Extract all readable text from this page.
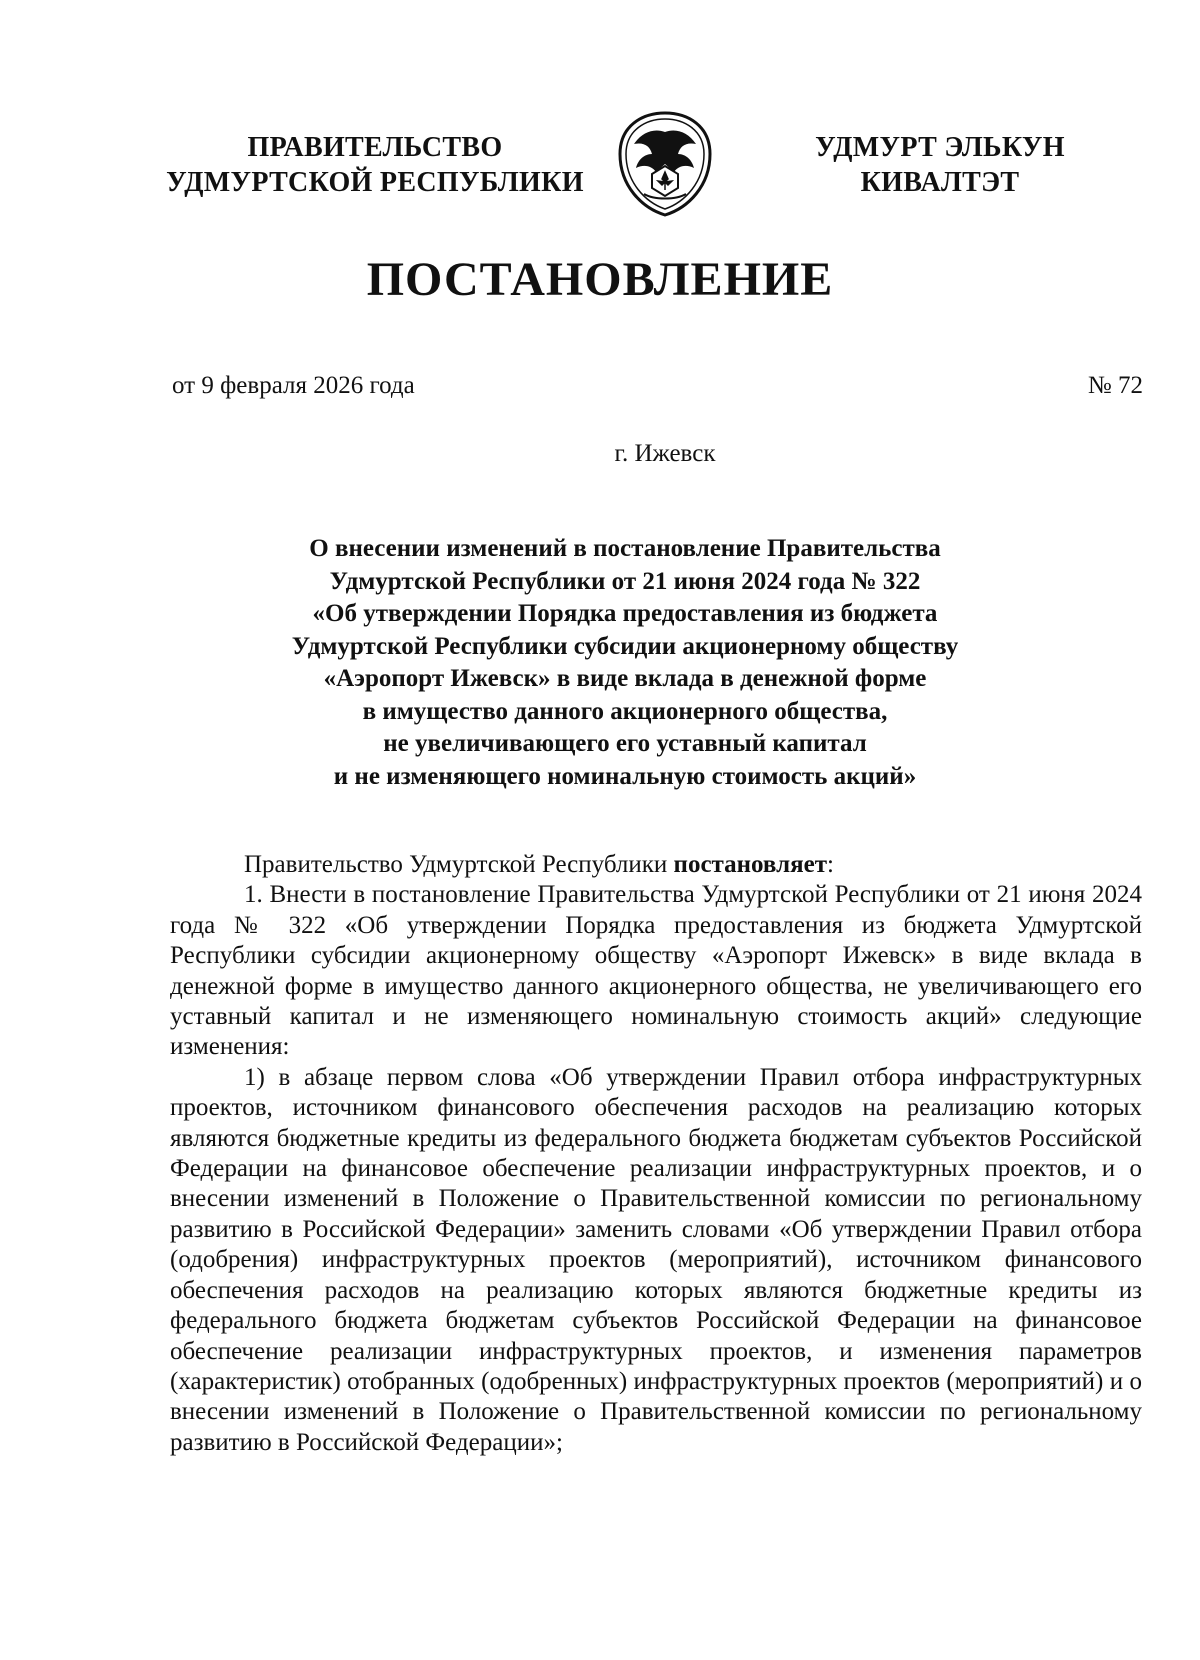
ПРАВИТЕЛЬСТВО
УДМУРТСКОЙ РЕСПУБЛИКИ
УДМУРТ ЭЛЬКУН
КИВАЛТЭТ
ПОСТАНОВЛЕНИЕ
от 9 февраля 2026 года	№ 72
г. Ижевск
О внесении изменений в постановление Правительства
Удмуртской Республики от 21 июня 2024 года № 322
«Об утверждении Порядка предоставления из бюджета
Удмуртской Республики субсидии акционерному обществу
«Аэропорт Ижевск» в виде вклада в денежной форме
в имущество данного акционерного общества,
не увеличивающего его уставный капитал
и не изменяющего номинальную стоимость акций»

Правительство Удмуртской Республики постановляет:

1. Внести в постановление Правительства Удмуртской Республики от 21 июня 2024 года № 322 «Об утверждении Порядка предоставления из бюджета Удмуртской Республики субсидии акционерному обществу «Аэропорт Ижевск» в виде вклада в денежной форме в имущество данного акционерного общества, не увеличивающего его уставный капитал и не изменяющего номинальную стоимость акций» следующие изменения:

1) в абзаце первом слова «Об утверждении Правил отбора инфраструктурных проектов, источником финансового обеспечения расходов на реализацию которых являются бюджетные кредиты из федерального бюджета бюджетам субъектов Российской Федерации на финансовое обеспечение реализации инфраструктурных проектов, и о внесении изменений в Положение о Правительственной комиссии по региональному развитию в Российской Федерации» заменить словами «Об утверждении Правил отбора (одобрения) инфраструктурных проектов (мероприятий), источником финансового обеспечения расходов на реализацию которых являются бюджетные кредиты из федерального бюджета бюджетам субъектов Российской Федерации на финансовое обеспечение реализации инфраструктурных проектов, и изменения параметров (характеристик) отобранных (одобренных) инфраструктурных проектов (мероприятий) и о внесении изменений в Положение о Правительственной комиссии по региональному развитию в Российской Федерации»;
